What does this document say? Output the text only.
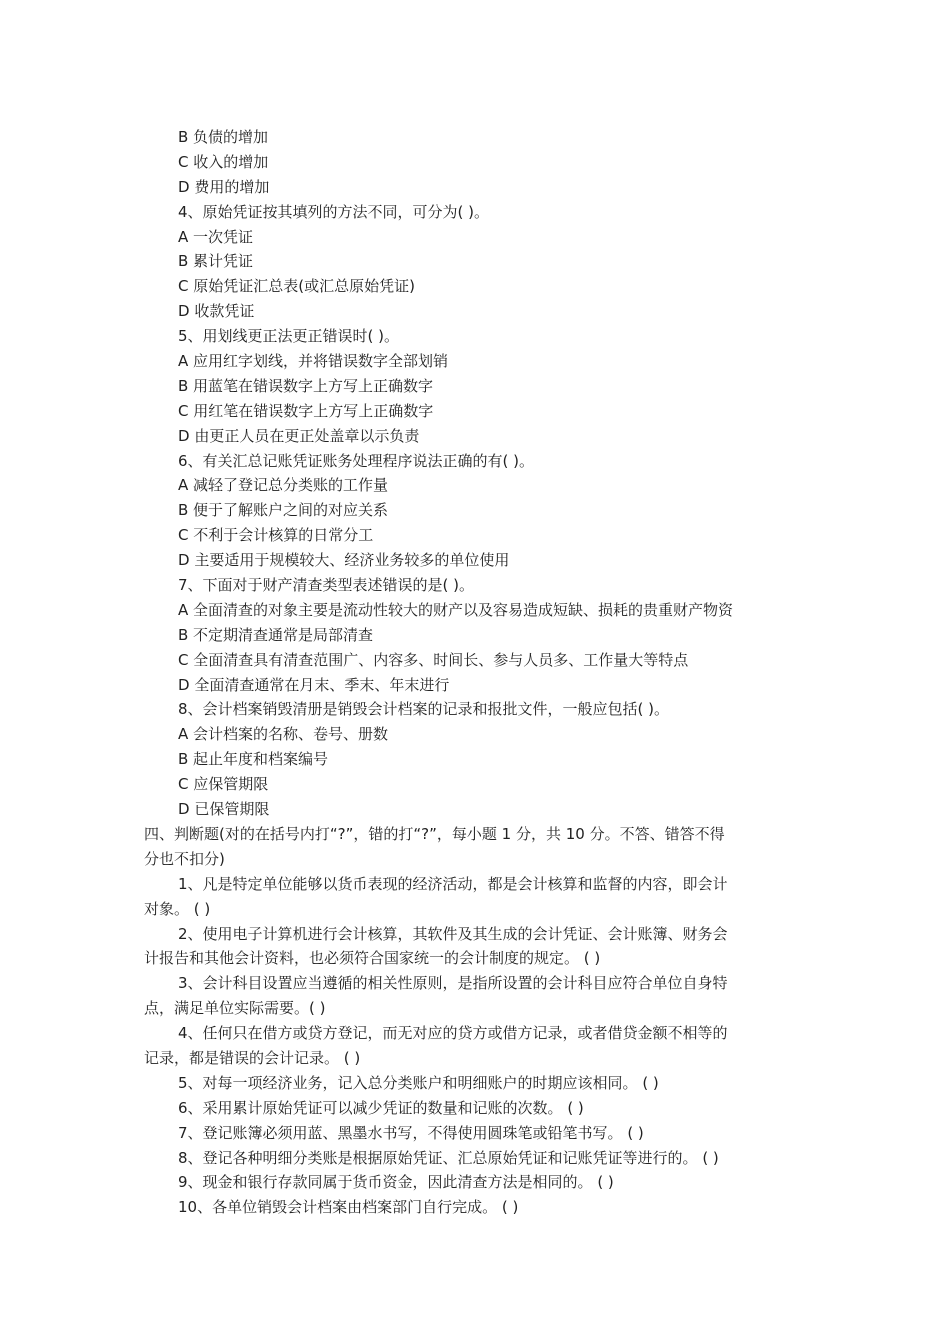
B 负债的增加
C 收入的增加
D 费用的增加
4、原始凭证按其填列的方法不同，可分为( )。
A 一次凭证
B 累计凭证
C 原始凭证汇总表(或汇总原始凭证)
D 收款凭证
5、用划线更正法更正错误时( )。
A 应用红字划线，并将错误数字全部划销
B 用蓝笔在错误数字上方写上正确数字
C 用红笔在错误数字上方写上正确数字
D 由更正人员在更正处盖章以示负责
6、有关汇总记账凭证账务处理程序说法正确的有( )。
A 减轻了登记总分类账的工作量
B 便于了解账户之间的对应关系
C 不利于会计核算的日常分工
D 主要适用于规模较大、经济业务较多的单位使用
7、下面对于财产清查类型表述错误的是( )。
A 全面清查的对象主要是流动性较大的财产以及容易造成短缺、损耗的贵重财产物资
B 不定期清查通常是局部清查
C 全面清查具有清查范围广、内容多、时间长、参与人员多、工作量大等特点
D 全面清查通常在月末、季末、年末进行
8、会计档案销毁清册是销毁会计档案的记录和报批文件，一般应包括( )。
A 会计档案的名称、卷号、册数
B 起止年度和档案编号
C 应保管期限
D 已保管期限
四、判断题(对的在括号内打“?”，错的打“?”，每小题 1 分，共 10 分。不答、错答不得
分也不扣分)
1、凡是特定单位能够以货币表现的经济活动，都是会计核算和监督的内容，即会计
对象。 ( )
2、使用电子计算机进行会计核算，其软件及其生成的会计凭证、会计账簿、财务会
计报告和其他会计资料，也必须符合国家统一的会计制度的规定。 ( )
3、会计科目设置应当遵循的相关性原则，是指所设置的会计科目应符合单位自身特
点，满足单位实际需要。( )
4、任何只在借方或贷方登记，而无对应的贷方或借方记录，或者借贷金额不相等的
记录，都是错误的会计记录。 ( )
5、对每一项经济业务，记入总分类账户和明细账户的时期应该相同。 ( )
6、采用累计原始凭证可以减少凭证的数量和记账的次数。 ( )
7、登记账簿必须用蓝、黑墨水书写，不得使用圆珠笔或铅笔书写。 ( )
8、登记各种明细分类账是根据原始凭证、汇总原始凭证和记账凭证等进行的。 ( )
9、现金和银行存款同属于货币资金，因此清查方法是相同的。 ( )
10、各单位销毁会计档案由档案部门自行完成。 ( )
